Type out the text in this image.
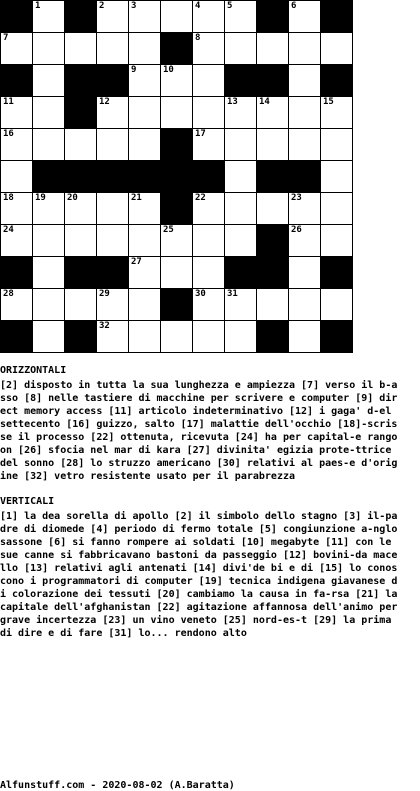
1	2	3	4	5	6
7	8
9	10
11	12	13 14	15
16	17
18 19 20	21	22	23
24	25	26
27
28	29	30 31
32
ORIZZONTALI

[2] disposto in tutta la sua lunghezza e ampiezza [7] verso il b-asso [8] nelle tastiere di macchine per scrivere e computer [9] direct memory access [11] articolo indeterminativo [12] i gaga' d-el settecento [16] guizzo, salto [17] malattie dell'occhio [18]-scrisse il processo [22] ottenuta, ricevuta [24] ha per capital-e rangoon [26] sfocia nel mar di kara [27] divinita' egizia prote-ttrice del sonno [28] lo struzzo americano [30] relativi al paes-e d'origine [32] vetro resistente usato per il parabrezza

VERTICALI

[1] la dea sorella di apollo [2] il simbolo dello stagno [3] il-padre di diomede [4] periodo di fermo totale [5] congiunzione a-nglosassone [6] si fanno rompere ai soldati [10] megabyte [11] con le sue canne si fabbricavano bastoni da passeggio [12] bovini-da macello [13] relativi agli antenati [14] divi'de bi e di [15] lo conoscono i programmatori di computer [19] tecnica indigena giavanese di colorazione dei tessuti [20] cambiamo la causa in fa-rsa [21] la capitale dell'afghanistan [22] agitazione affannosa dell'animo per grave incertezza [23] un vino veneto [25] nord-es-t [29] la prima di dire e di fare [31] lo... rendono alto

Alfunstuff.com - 2020-08-02 (A.Baratta)
